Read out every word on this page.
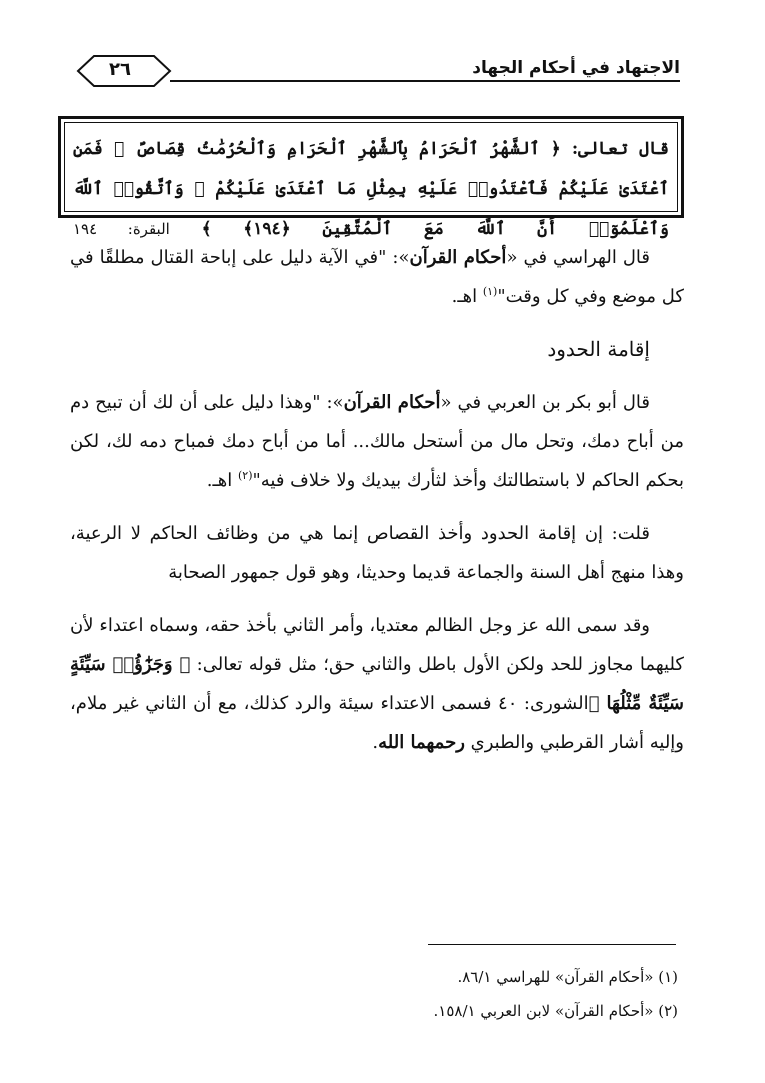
٢٦	الاجتهاد في أحكام الجهاد
قال تعالى: ﴿ ٱلشَّهْرُ ٱلْحَرَامُ بِٱلشَّهْرِ ٱلْحَرَامِ وَٱلْحُرُمَٰتُ قِصَاصٌ ۚ فَمَنِ ٱعْتَدَىٰ عَلَيْكُمْ فَٱعْتَدُوا۟ عَلَيْهِ بِمِثْلِ مَا ٱعْتَدَىٰ عَلَيْكُمْ ۚ وَٱتَّقُوا۟ ٱللَّهَ وَٱعْلَمُوٓا۟ أَنَّ ٱللَّهَ مَعَ ٱلْمُتَّقِينَ ﴿١٩٤﴾ ﴾ البقرة: ١٩٤

قال الهراسي في «أحكام القرآن»: "في الآية دليل على إباحة القتال مطلقًا في كل موضع وفي كل وقت"$^{(١)}$ اهـ.

إقامة الحدود

قال أبو بكر بن العربي في «أحكام القرآن»: "وهذا دليل على أن لك أن تبيح دم من أباح دمك، وتحل مال من أستحل مالك... أما من أباح دمك فمباح دمه لك، لكن بحكم الحاكم لا باستطالتك وأخذ لثأرك بيديك ولا خلاف فيه"$^{(٢)}$ اهـ.

قلت: إن إقامة الحدود وأخذ القصاص إنما هي من وظائف الحاكم لا الرعية، وهذا منهج أهل السنة والجماعة قديما وحديثا، وهو قول جمهور الصحابة

وقد سمى الله عز وجل الظالم معتديا، وأمر الثاني بأخذ حقه، وسماه اعتداء لأن كليهما مجاوز للحد ولكن الأول باطل والثاني حق؛ مثل قوله تعالى: ﴿ وَجَزَٰٓؤُا۟ سَيِّئَةٍ سَيِّئَةٌ مِّثْلُهَا ﴾الشورى: ٤٠ فسمى الاعتداء سيئة والرد كذلك، مع أن الثاني غير ملام، وإليه أشار القرطبي والطبري رحمهما الله.

(١) «أحكام القرآن» للهراسي ٨٦/١.
(٢) «أحكام القرآن» لابن العربي ١٥٨/١.
